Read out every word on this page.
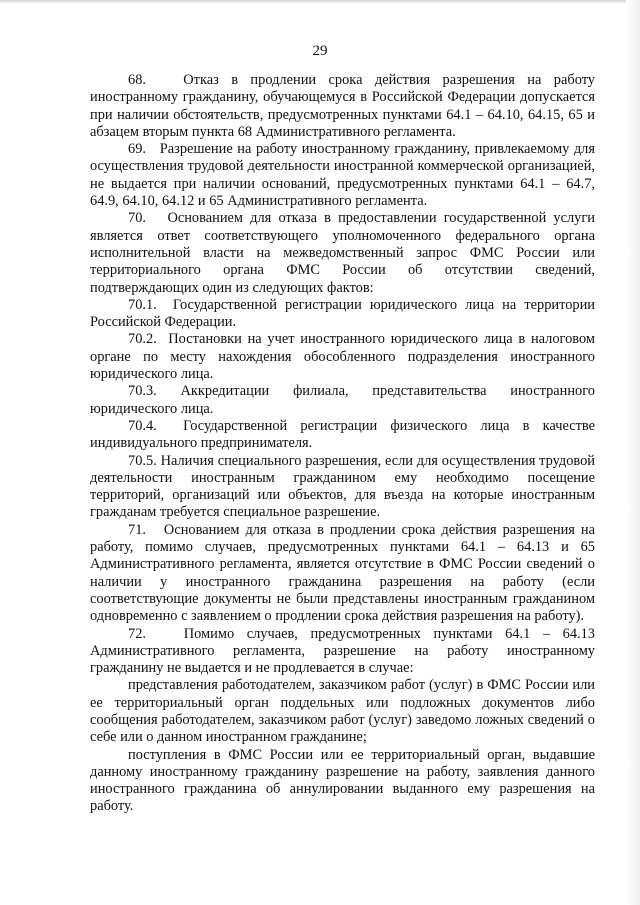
29

68.   Отказ в продлении срока действия разрешения на работу иностранному гражданину, обучающемуся в Российской Федерации допускается при наличии обстоятельств, предусмотренных пунктами 64.1 – 64.10, 64.15, 65 и абзацем вторым пункта 68 Административного регламента.

69.   Разрешение на работу иностранному гражданину, привлекаемому для осуществления трудовой деятельности иностранной коммерческой организацией, не выдается при наличии оснований, предусмотренных пунктами 64.1 – 64.7, 64.9, 64.10, 64.12 и 65 Административного регламента.

70.   Основанием для отказа в предоставлении государственной услуги является ответ соответствующего уполномоченного федерального органа исполнительной власти на межведомственный запрос ФМС России или территориального органа ФМС России об отсутствии сведений, подтверждающих один из следующих фактов:

70.1.  Государственной регистрации юридического лица на территории Российской Федерации.

70.2.  Постановки на учет иностранного юридического лица в налоговом органе по месту нахождения обособленного подразделения иностранного юридического лица.

70.3. Аккредитации филиала, представительства иностранного юридического лица.

70.4.  Государственной регистрации физического лица в качестве индивидуального предпринимателя.

70.5. Наличия специального разрешения, если для осуществления трудовой деятельности иностранным гражданином ему необходимо посещение территорий, организаций или объектов, для въезда на которые иностранным гражданам требуется специальное разрешение.

71.   Основанием для отказа в продлении срока действия разрешения на работу, помимо случаев, предусмотренных пунктами 64.1 – 64.13 и 65 Административного регламента, является отсутствие в ФМС России сведений о наличии у иностранного гражданина разрешения на работу (если соответствующие документы не были представлены иностранным гражданином одновременно с заявлением о продлении срока действия разрешения на работу).

72.   Помимо случаев, предусмотренных пунктами 64.1 – 64.13 Административного регламента, разрешение на работу иностранному гражданину не выдается и не продлевается в случае:

представления работодателем, заказчиком работ (услуг) в ФМС России или ее территориальный орган поддельных или подложных документов либо сообщения работодателем, заказчиком работ (услуг) заведомо ложных сведений о себе или о данном иностранном гражданине;

поступления в ФМС России или ее территориальный орган, выдавшие данному иностранному гражданину разрешение на работу, заявления данного иностранного гражданина об аннулировании выданного ему разрешения на работу.
